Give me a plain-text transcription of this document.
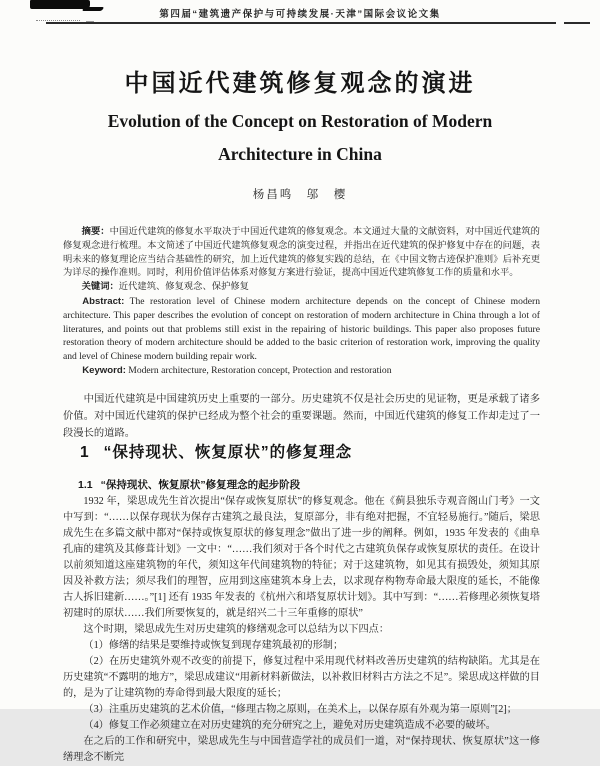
第四届“建筑遗产保护与可持续发展·天津”国际会议论文集
中国近代建筑修复观念的演进
Evolution of the Concept on Restoration of Modern
Architecture in China
杨昌鸣　邬　樱

摘要：中国近代建筑的修复水平取决于中国近代建筑的修复观念。本文通过大量的文献资料，对中国近代建筑的修复观念进行梳理。本文简述了中国近代建筑修复观念的演变过程，并指出在近代建筑的保护修复中存在的问题，表明未来的修复理论应当结合基础性的研究，加上近代建筑的修复实践的总结，在《中国文物古迹保护准则》后补充更为详尽的操作准则。同时，利用价值评估体系对修复方案进行验证，提高中国近代建筑修复工作的质量和水平。

关键词：近代建筑、修复观念、保护修复

Abstract: The restoration level of Chinese modern architecture depends on the concept of Chinese modern architecture. This paper describes the evolution of concept on restoration of modern architecture in China through a lot of literatures, and points out that problems still exist in the repairing of historic buildings. This paper also proposes future restoration theory of modern architecture should be added to the basic criterion of restoration work, improving the quality and level of Chinese modern building repair work.

Keyword: Modern architecture, Restoration concept, Protection and restoration

中国近代建筑是中国建筑历史上重要的一部分。历史建筑不仅是社会历史的见证物，更是承载了诸多价值。对中国近代建筑的保护已经成为整个社会的重要课题。然而，中国近代建筑的修复工作却走过了一段漫长的道路。
1 “保持现状、恢复原状”的修复理念
1.1 “保持现状、恢复原状”修复理念的起步阶段

1932 年，梁思成先生首次提出“保存或恢复原状”的修复观念。他在《蓟县独乐寺观音阁山门考》一文中写到：“……以保存现状为保存古建筑之最良法，复原部分，非有绝对把握，不宜轻易施行。”随后，梁思成先生在多篇文献中都对“保持或恢复原状的修复理念”做出了进一步的阐释。例如，1935 年发表的《曲阜孔庙的建筑及其修葺计划》一文中：“……我们须对于各个时代之古建筑负保存或恢复原状的责任。在设计以前须知道这座建筑物的年代，须知这年代间建筑物的特征；对于这建筑物，如见其有损毁处，须知其原因及补救方法；须尽我们的理智，应用到这座建筑本身上去，以求现存构物寿命最大限度的延长，不能像古人拆旧建新……。”[1] 还有 1935 年发表的《杭州六和塔复原状计划》。其中写到：“……若修理必须恢复塔初建时的原状……我们所要恢复的，就是绍兴二十三年重修的原状”

这个时期，梁思成先生对历史建筑的修缮观念可以总结为以下四点：

（1）修缮的结果是要维持或恢复到现存建筑最初的形制；

（2）在历史建筑外观不改变的前提下，修复过程中采用现代材料改善历史建筑的结构缺陷。尤其是在历史建筑“不露明的地方”，梁思成建议“用新材料新做法，以补救旧材料古方法之不足”。梁思成这样做的目的，是为了让建筑物的寿命得到最大限度的延长；

（3）注重历史建筑的艺术价值，“修理古物之原则，在美术上，以保存原有外观为第一原则”[2]；

（4）修复工作必须建立在对历史建筑的充分研究之上，避免对历史建筑造成不必要的破坏。

在之后的工作和研究中，梁思成先生与中国营造学社的成员们一道，对“保持现状、恢复原状”这一修缮理念不断完
